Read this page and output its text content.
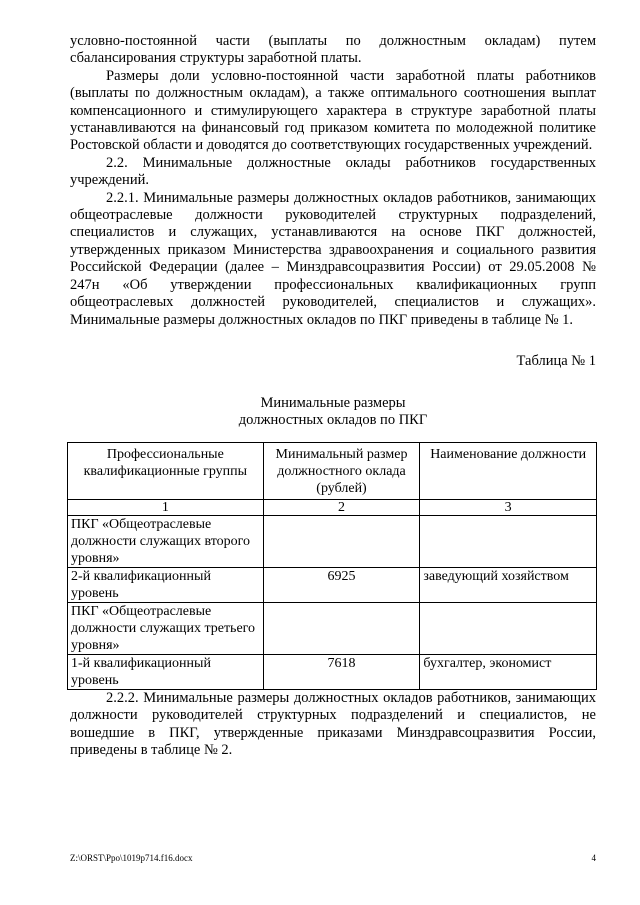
условно-постоянной части (выплаты по должностным окладам) путем сбалансирования структуры заработной платы.

Размеры доли условно-постоянной части заработной платы работников (выплаты по должностным окладам), а также оптимального соотношения выплат компенсационного и стимулирующего характера в структуре заработной платы устанавливаются на финансовый год приказом комитета по молодежной политике Ростовской области и доводятся до соответствующих государственных учреждений.

2.2. Минимальные должностные оклады работников государственных учреждений.

2.2.1. Минимальные размеры должностных окладов работников, занимающих общеотраслевые должности руководителей структурных подразделений, специалистов и служащих, устанавливаются на основе ПКГ должностей, утвержденных приказом Министерства здравоохранения и социального развития Российской Федерации (далее – Минздравсоцразвития России) от 29.05.2008 № 247н «Об утверждении профессиональных квалификационных групп общеотраслевых должностей руководителей, специалистов и служащих». Минимальные размеры должностных окладов по ПКГ приведены в таблице № 1.

Таблица № 1
Минимальные размеры
должностных окладов по ПКГ
Профессиональные квалификационные группы	Минимальный размер должностного оклада (рублей)	Наименование должности
1	2	3
ПКГ «Общеотраслевые должности служащих второго уровня»		
2-й квалификационный уровень	6925	заведующий хозяйством
ПКГ «Общеотраслевые должности служащих третьего уровня»		
1-й квалификационный уровень	7618	бухгалтер, экономист

2.2.2. Минимальные размеры должностных окладов работников, занимающих должности руководителей структурных подразделений и специалистов, не вошедшие в ПКГ, утвержденные приказами Минздравсоцразвития России, приведены в таблице № 2.

Z:\ORST\Ppo\1019p714.f16.docx	4
